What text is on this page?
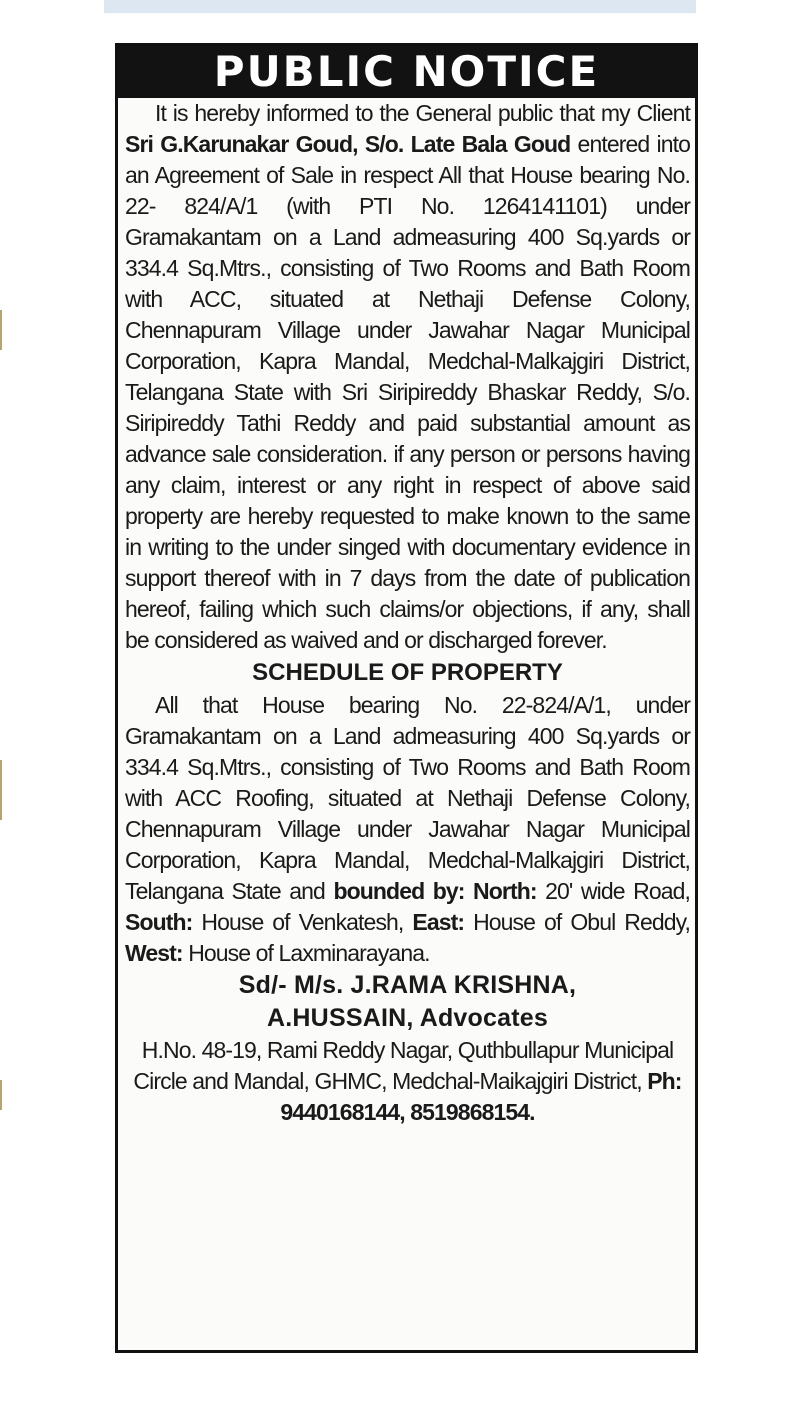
PUBLIC NOTICE

It is hereby informed to the General public that my Client Sri G.Karunakar Goud, S/o. Late Bala Goud entered into an Agreement of Sale in respect All that House bearing No. 22- 824/A/1 (with PTI No. 1264141101) under Gramakantam on a Land admeasuring 400 Sq.yards or 334.4 Sq.Mtrs., consisting of Two Rooms and Bath Room with ACC, situated at Nethaji Defense Colony, Chennapuram Village under Jawahar Nagar Municipal Corporation, Kapra Mandal, Medchal-Malkajgiri District, Telangana State with Sri Siripireddy Bhaskar Reddy, S/o. Siripireddy Tathi Reddy and paid substantial amount as advance sale consideration. if any person or persons having any claim, interest or any right in respect of above said property are hereby requested to make known to the same in writing to the under singed with documentary evidence in support thereof with in 7 days from the date of publication hereof, failing which such claims/or objections, if any, shall be considered as waived and or discharged forever.

SCHEDULE OF PROPERTY

All that House bearing No. 22-824/A/1, under Gramakantam on a Land admeasuring 400 Sq.yards or 334.4 Sq.Mtrs., consisting of Two Rooms and Bath Room with ACC Roofing, situated at Nethaji Defense Colony, Chennapuram Village under Jawahar Nagar Municipal Corporation, Kapra Mandal, Medchal-Malkajgiri District, Telangana State and bounded by: North: 20' wide Road, South: House of Venkatesh, East: House of Obul Reddy, West: House of Laxminarayana.

Sd/- M/s. J.RAMA KRISHNA,

A.HUSSAIN, Advocates

H.No. 48-19, Rami Reddy Nagar, Quthbullapur Municipal Circle and Mandal, GHMC, Medchal-Maikajgiri District, Ph: 9440168144, 8519868154.
